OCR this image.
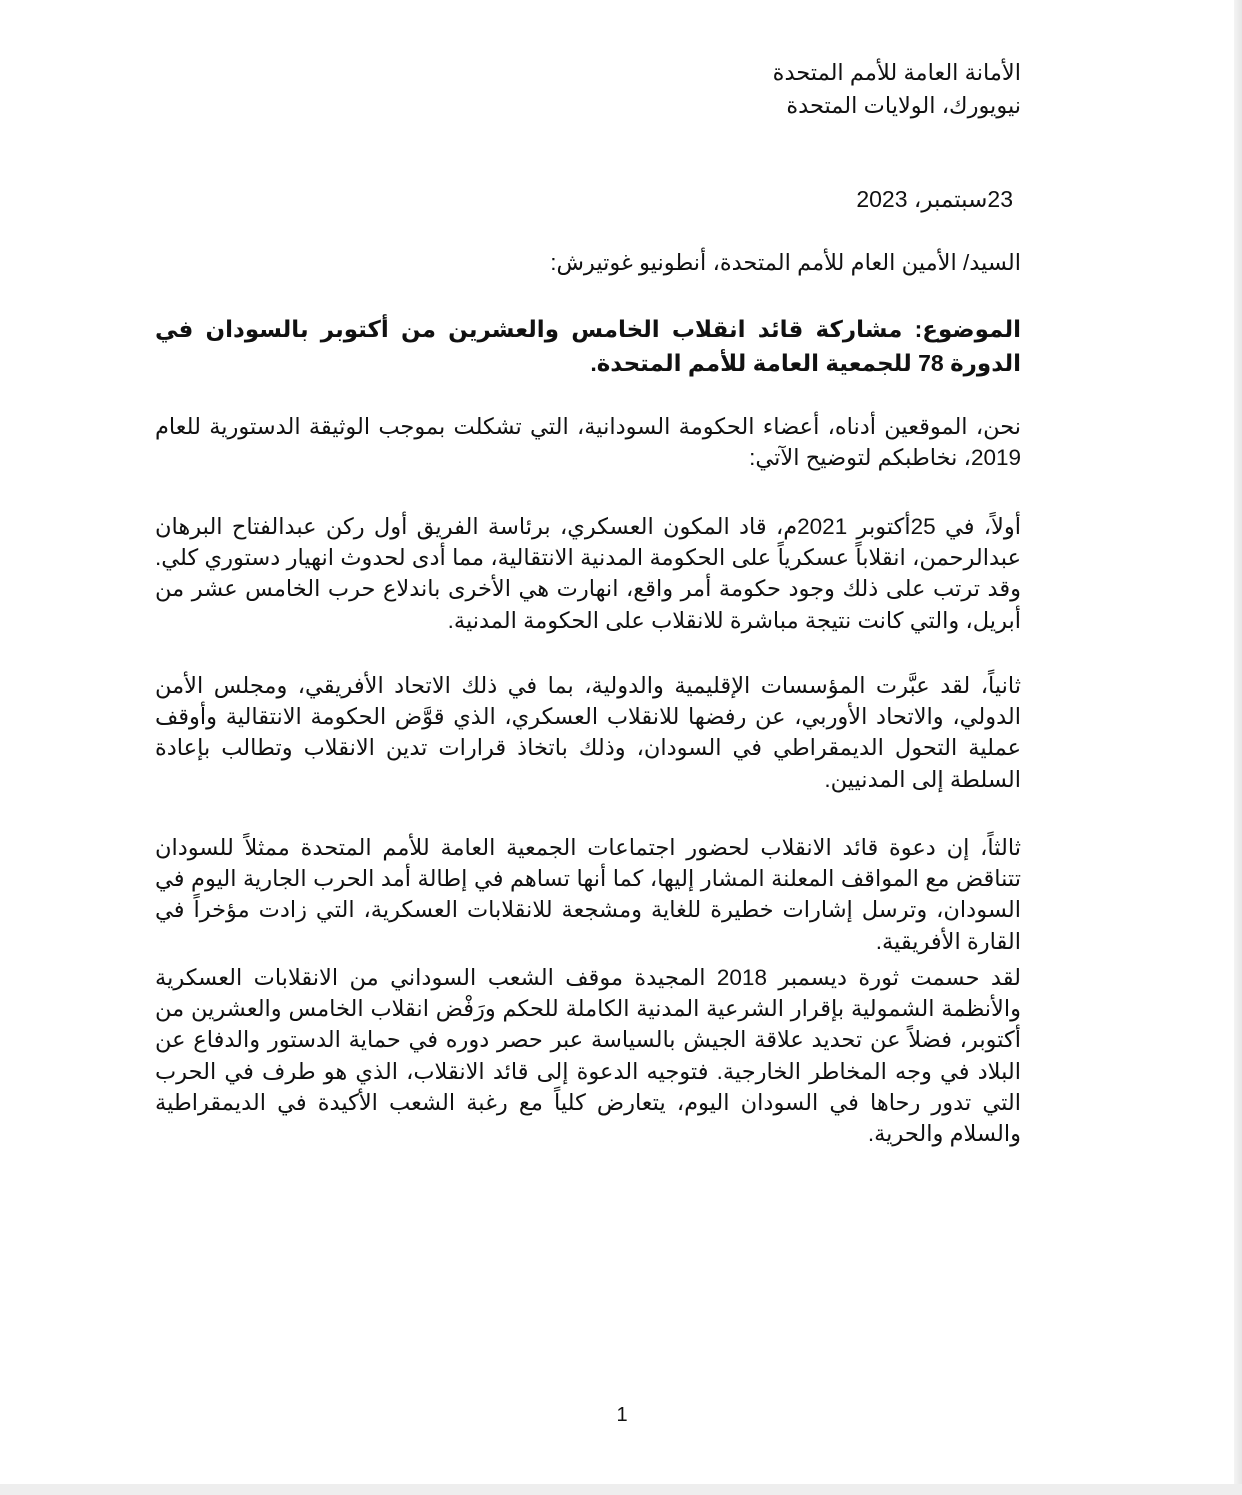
الأمانة العامة للأمم المتحدة
نيويورك، الولايات المتحدة
23سبتمبر، 2023
السيد/ الأمين العام للأمم المتحدة، أنطونيو غوتيرش:
الموضوع: مشاركة قائد انقلاب الخامس والعشرين من أكتوبر بالسودان في الدورة 78 للجمعية العامة للأمم المتحدة.
نحن، الموقعين أدناه، أعضاء الحكومة السودانية، التي تشكلت بموجب الوثيقة الدستورية للعام 2019، نخاطبكم لتوضيح الآتي:
أولاً، في 25أكتوبر 2021م، قاد المكون العسكري، برئاسة الفريق أول ركن عبدالفتاح البرهان عبدالرحمن، انقلاباً عسكرياً على الحكومة المدنية الانتقالية، مما أدى لحدوث انهيار دستوري كلي. وقد ترتب على ذلك وجود حكومة أمر واقع، انهارت هي الأخرى باندلاع حرب الخامس عشر من أبريل، والتي كانت نتيجة مباشرة للانقلاب على الحكومة المدنية.
ثانياً، لقد عبَّرت المؤسسات الإقليمية والدولية، بما في ذلك الاتحاد الأفريقي، ومجلس الأمن الدولي، والاتحاد الأوربي، عن رفضها للانقلاب العسكري، الذي قوَّض الحكومة الانتقالية وأوقف عملية التحول الديمقراطي في السودان، وذلك باتخاذ قرارات تدين الانقلاب وتطالب بإعادة السلطة إلى المدنيين.
ثالثاً، إن دعوة قائد الانقلاب لحضور اجتماعات الجمعية العامة للأمم المتحدة ممثلاً للسودان تتناقض مع المواقف المعلنة المشار إليها، كما أنها تساهم في إطالة أمد الحرب الجارية اليوم في السودان، وترسل إشارات خطيرة للغاية ومشجعة للانقلابات العسكرية، التي زادت مؤخراً في القارة الأفريقية.
لقد حسمت ثورة ديسمبر 2018 المجيدة موقف الشعب السوداني من الانقلابات العسكرية والأنظمة الشمولية بإقرار الشرعية المدنية الكاملة للحكم ورَفْض انقلاب الخامس والعشرين من أكتوبر، فضلاً عن تحديد علاقة الجيش بالسياسة عبر حصر دوره في حماية الدستور والدفاع عن البلاد في وجه المخاطر الخارجية. فتوجيه الدعوة إلى قائد الانقلاب، الذي هو طرف في الحرب التي تدور رحاها في السودان اليوم، يتعارض كلياً مع رغبة الشعب الأكيدة في الديمقراطية والسلام والحرية.
1
